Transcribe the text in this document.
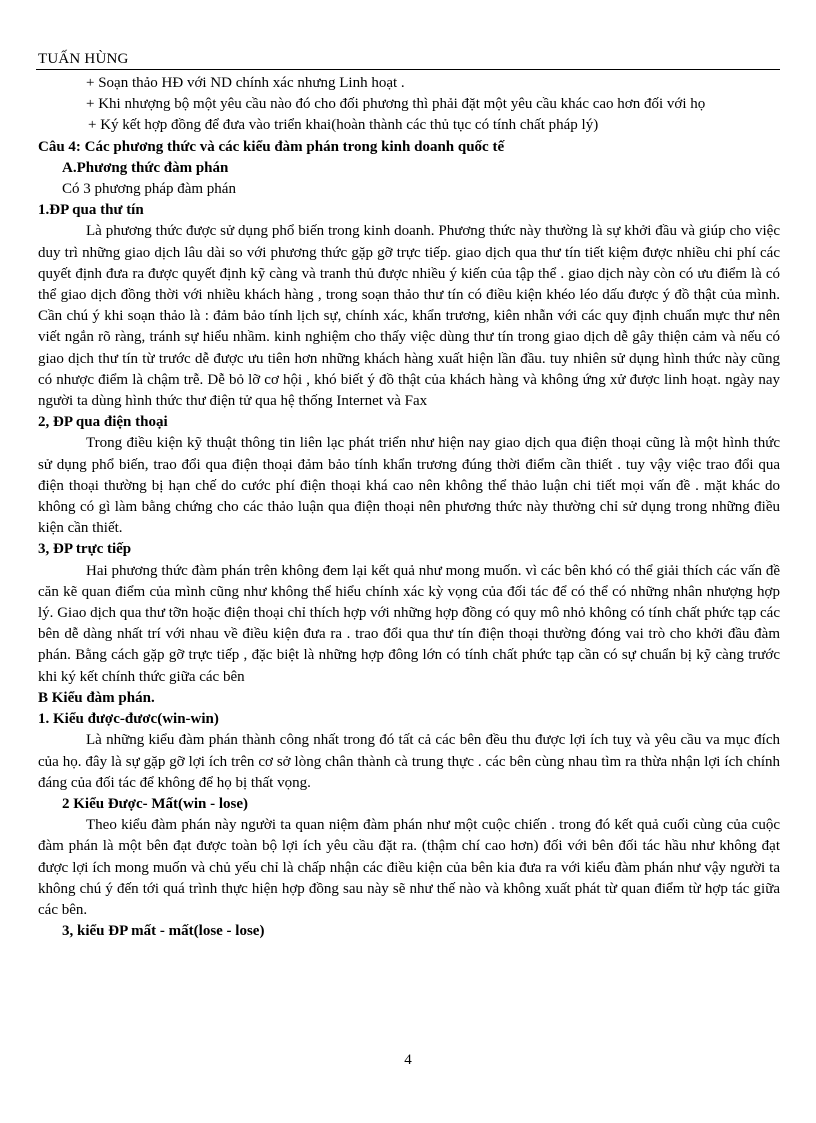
TUẤN HÙNG

+ Soạn thảo HĐ với ND chính xác nhưng Linh hoạt .

+ Khi nhượng bộ một yêu cầu nào đó cho đối phương thì phải đặt một yêu cầu khác cao hơn đối với họ

+ Ký kết hợp đồng để đưa vào triển khai(hoàn thành các thủ tục có tính chất pháp lý)

Câu 4: Các phương thức và các kiểu đàm phán trong kinh doanh quốc tế

A.Phương thức đàm phán

Có 3 phương pháp đàm phán

1.ĐP qua thư tín

Là phương thức được sử dụng phổ biến trong kinh doanh. Phương thức này thường là sự khởi đầu và giúp cho việc duy trì những giao dịch lâu dài so với phương thức gặp gỡ trực tiếp. giao dịch qua thư tín tiết kiệm được nhiều chi phí các quyết định đưa ra được quyết định kỹ càng và tranh thủ được nhiều ý kiến của tập thể . giao dịch này còn có ưu điểm là có thể giao dịch đồng thời với nhiều khách hàng , trong soạn thảo thư tín có điều kiện khéo léo dấu được ý đồ thật của mình. Cần chú ý khi soạn thảo là : đảm bảo tính lịch sự, chính xác, khẩn trương, kiên nhẫn với các quy định chuẩn mực thư nên viết ngắn rõ ràng, tránh sự hiểu nhầm. kinh nghiệm cho thấy việc dùng thư tín trong giao dịch dễ gây thiện cảm và nếu có giao dịch thư tín từ trước dễ được ưu tiên hơn những khách hàng xuất hiện lần đầu. tuy nhiên sử dụng hình thức này cũng có nhược điểm là chậm trễ. Dễ bỏ lỡ cơ hội , khó biết ý đồ thật của khách hàng và không ứng xử được linh hoạt. ngày nay người ta dùng hình thức thư điện tử qua hệ thống Internet và Fax

2, ĐP qua điện thoại

Trong điều kiện kỹ thuật thông tin liên lạc phát triển như hiện nay giao dịch qua điện thoại cũng là một hình thức sử dụng phổ biến, trao đổi qua điện thoại đảm bảo tính khẩn trương đúng thời điểm cần thiết . tuy vậy việc trao đổi qua điện thoại thường bị hạn chế do cước phí điện thoại khá cao nên không thể thảo luận chi tiết mọi vấn đề . mặt khác do không có gì làm bằng chứng cho các thảo luận qua điện thoại nên phương thức này thường chỉ sử dụng trong những điều kiện cần thiết.

3, ĐP trực tiếp

Hai phương thức đàm phán trên không đem lại kết quả như mong muốn. vì các bên khó có thể giải thích các vấn đề căn kẽ quan điểm của mình cũng như không thể hiểu chính xác kỳ vọng của đối tác để có thể có những nhân nhượng hợp lý. Giao dịch qua thư tỡn hoặc điện thoại chỉ thích hợp với những hợp đồng có quy mô nhỏ không có tính chất phức tạp các bên dễ dàng nhất trí với nhau về điều kiện đưa ra . trao đổi qua thư tín điện thoại thường đóng vai trò cho khởi đầu đàm phán. Bằng cách gặp gỡ trực tiếp , đặc biệt là những hợp đông lớn có tính chất phức tạp cần có sự chuẩn bị kỹ càng trước khi ký kết chính thức giữa các bên

B Kiểu đàm phán.

1. Kiểu được-đươc(win-win)

Là những kiểu đàm phán thành công nhất trong đó tất cả các bên đều thu được lợi ích tuỵ và yêu cầu va mục đích của họ. đây là sự gặp gỡ lợi ích trên cơ sở lòng chân thành cà trung thực . các bên cùng nhau tìm ra thừa nhận lợi ích chính đáng của đối tác để không để họ bị thất vọng.

2 Kiểu Được- Mất(win - lose)

Theo kiểu đàm phán này người ta quan niệm đàm phán như một cuộc chiến . trong đó kết quả cuối cùng của cuộc đàm phán là một bên đạt được toàn bộ lợi ích yêu cầu đặt ra. (thậm chí cao hơn) đối với bên đối tác hầu như không đạt được lợi ích mong muốn và chủ yếu chỉ là chấp nhận các điều kiện của bên kia đưa ra với kiểu đàm phán như vậy người ta không chú ý đến tới quá trình thực hiện hợp đồng sau này sẽ như thế nào và không xuất phát từ quan điểm từ hợp tác giữa các bên.

3, kiểu ĐP mất - mất(lose - lose)

4
